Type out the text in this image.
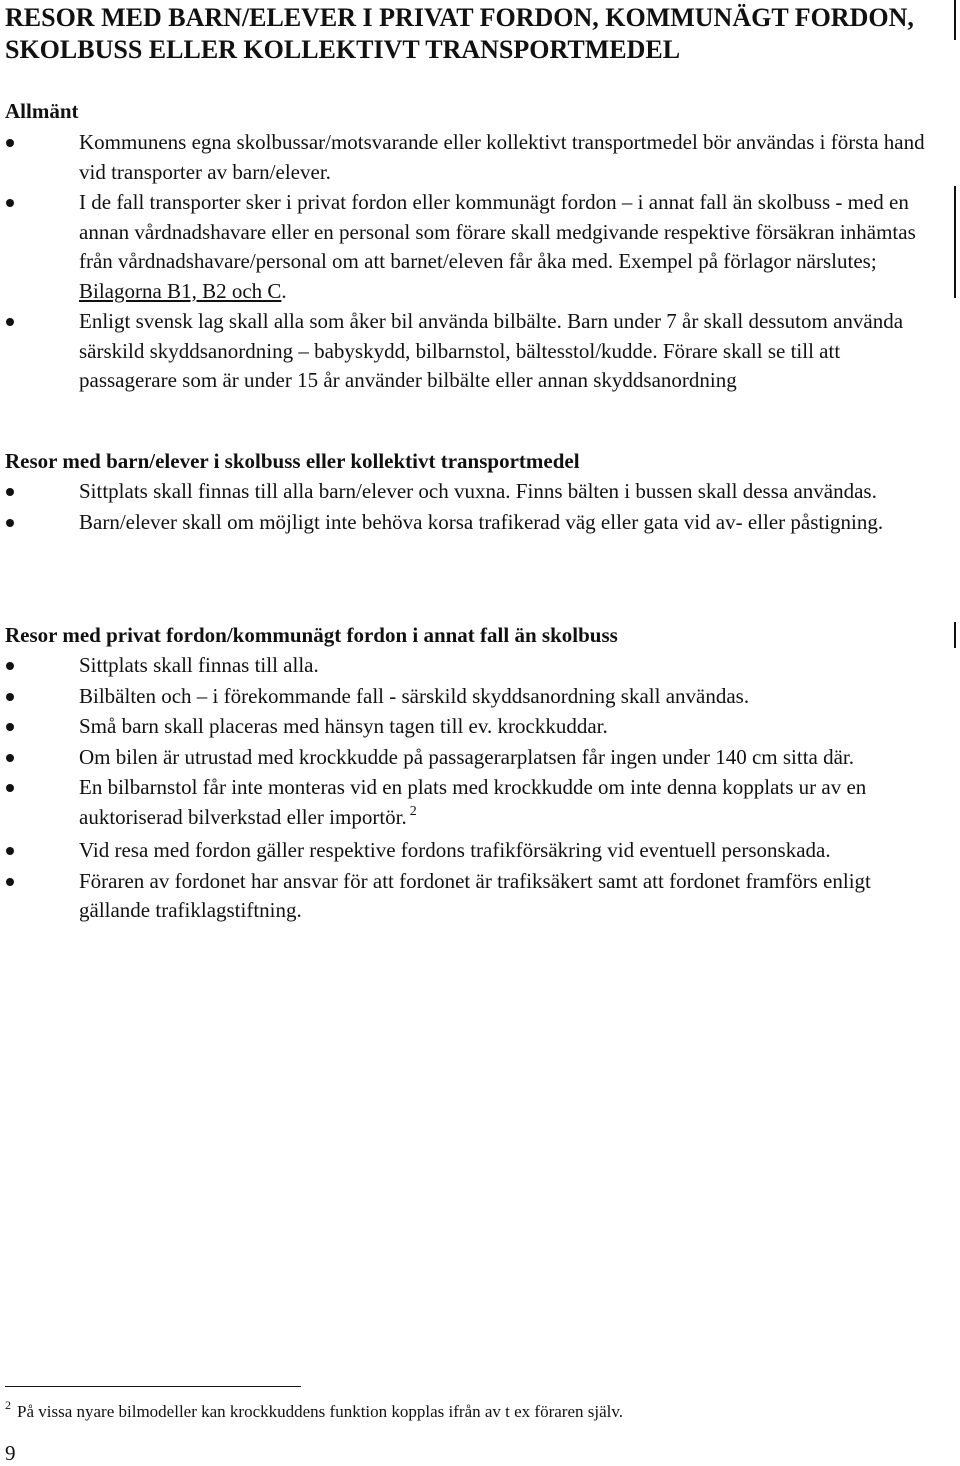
RESOR MED BARN/ELEVER I PRIVAT FORDON, KOMMUNÄGT FORDON, SKOLBUSS ELLER KOLLEKTIVT TRANSPORTMEDEL
Allmänt
Kommunens egna skolbussar/motsvarande eller kollektivt transportmedel bör användas i första hand vid transporter av barn/elever.
I de fall transporter sker i privat fordon eller kommunägt fordon – i annat fall än skolbuss - med en annan vårdnadshavare eller en personal som förare skall medgivande respektive försäkran inhämtas från vårdnadshavare/personal om att barnet/eleven får åka med. Exempel på förlagor närslutes; Bilagorna B1, B2 och C.
Enligt svensk lag skall alla som åker bil använda bilbälte. Barn under 7 år skall dessutom använda särskild skyddsanordning – babyskydd, bilbarnstol, bältesstol/kudde. Förare skall se till att passagerare som är under 15 år använder bilbälte eller annan skyddsanordning
Resor med barn/elever i skolbuss eller kollektivt transportmedel
Sittplats skall finnas till alla barn/elever och vuxna. Finns bälten i bussen skall dessa användas.
Barn/elever skall om möjligt inte behöva korsa trafikerad väg eller gata vid av- eller påstigning.
Resor med privat fordon/kommunägt fordon i annat fall än skolbuss
Sittplats skall finnas till alla.
Bilbälten och – i förekommande fall - särskild skyddsanordning skall användas.
Små barn skall placeras med hänsyn tagen till ev. krockkuddar.
Om bilen är utrustad med krockkudde på passagerarplatsen får ingen under 140 cm sitta där.
En bilbarnstol får inte monteras vid en plats med krockkudde om inte denna kopplats ur av en auktoriserad bilverkstad eller importör. $^2$
Vid resa med fordon gäller respektive fordons trafikförsäkring vid eventuell personskada.
Föraren av fordonet har ansvar för att fordonet är trafiksäkert samt att fordonet framförs enligt gällande trafiklagstiftning.

$^2$ På vissa nyare bilmodeller kan krockkuddens funktion kopplas ifrån av t ex föraren själv.

9
